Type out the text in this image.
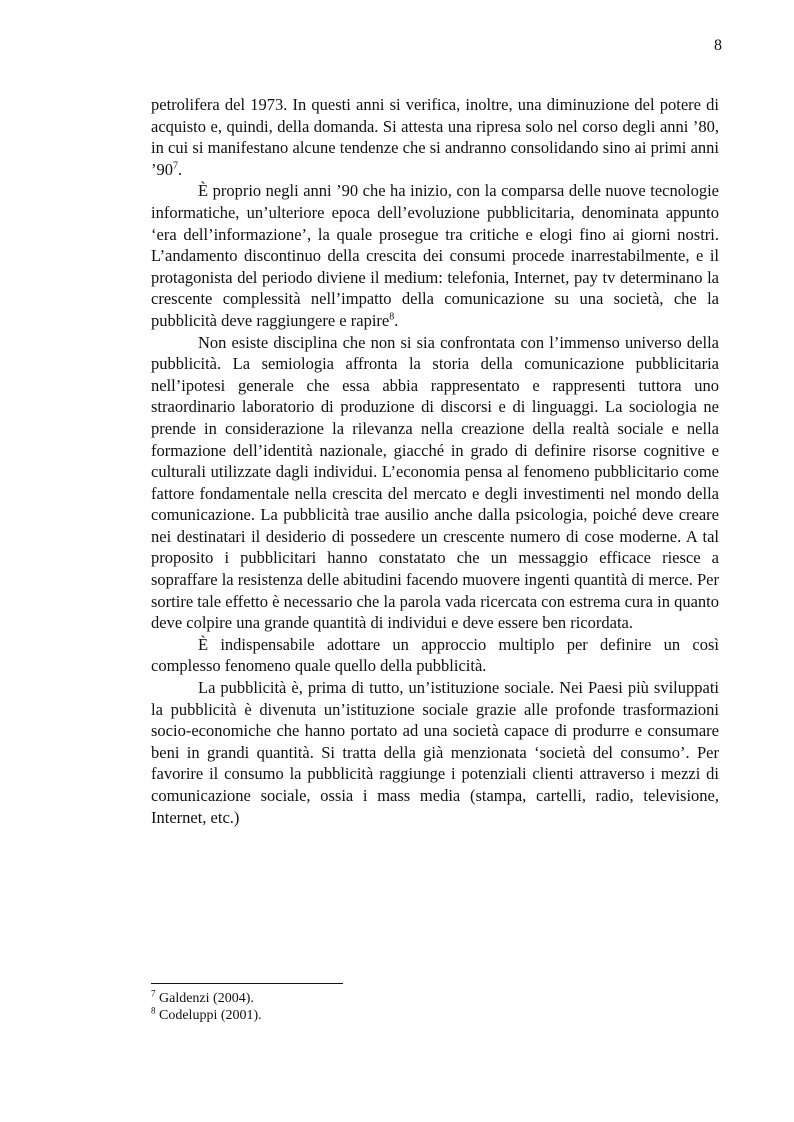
8

petrolifera del 1973. In questi anni si verifica, inoltre, una diminuzione del potere di acquisto e, quindi, della domanda. Si attesta una ripresa solo nel corso degli anni ’80, in cui si manifestano alcune tendenze che si andranno consolidando sino ai primi anni $’90^7$.

È proprio negli anni ’90 che ha inizio, con la comparsa delle nuove tecnologie informatiche, un’ulteriore epoca dell’evoluzione pubblicitaria, denominata appunto ‘era dell’informazione’, la quale prosegue tra critiche e elogi fino ai giorni nostri. L’andamento discontinuo della crescita dei consumi procede inarrestabilmente, e il protagonista del periodo diviene il medium: telefonia, Internet, pay tv determinano la crescente complessità nell’impatto della comunicazione su una società, che la pubblicità deve raggiungere e rapire$^8$.

Non esiste disciplina che non si sia confrontata con l’immenso universo della pubblicità. La semiologia affronta la storia della comunicazione pubblicitaria nell’ipotesi generale che essa abbia rappresentato e rappresenti tuttora uno straordinario laboratorio di produzione di discorsi e di linguaggi. La sociologia ne prende in considerazione la rilevanza nella creazione della realtà sociale e nella formazione dell’identità nazionale, giacché in grado di definire risorse cognitive e culturali utilizzate dagli individui. L’economia pensa al fenomeno pubblicitario come fattore fondamentale nella crescita del mercato e degli investimenti nel mondo della comunicazione. La pubblicità trae ausilio anche dalla psicologia, poiché deve creare nei destinatari il desiderio di possedere un crescente numero di cose moderne. A tal proposito i pubblicitari hanno constatato che un messaggio efficace riesce a sopraffare la resistenza delle abitudini facendo muovere ingenti quantità di merce. Per sortire tale effetto è necessario che la parola vada ricercata con estrema cura in quanto deve colpire una grande quantità di individui e deve essere ben ricordata.

È indispensabile adottare un approccio multiplo per definire un così complesso fenomeno quale quello della pubblicità.

La pubblicità è, prima di tutto, un’istituzione sociale. Nei Paesi più sviluppati la pubblicità è divenuta un’istituzione sociale grazie alle profonde trasformazioni socio-economiche che hanno portato ad una società capace di produrre e consumare beni in grandi quantità. Si tratta della già menzionata ‘società del consumo’. Per favorire il consumo la pubblicità raggiunge i potenziali clienti attraverso i mezzi di comunicazione sociale, ossia i mass media (stampa, cartelli, radio, televisione, Internet, etc.)

$^7$ Galdenzi (2004).
$^8$ Codeluppi (2001).
